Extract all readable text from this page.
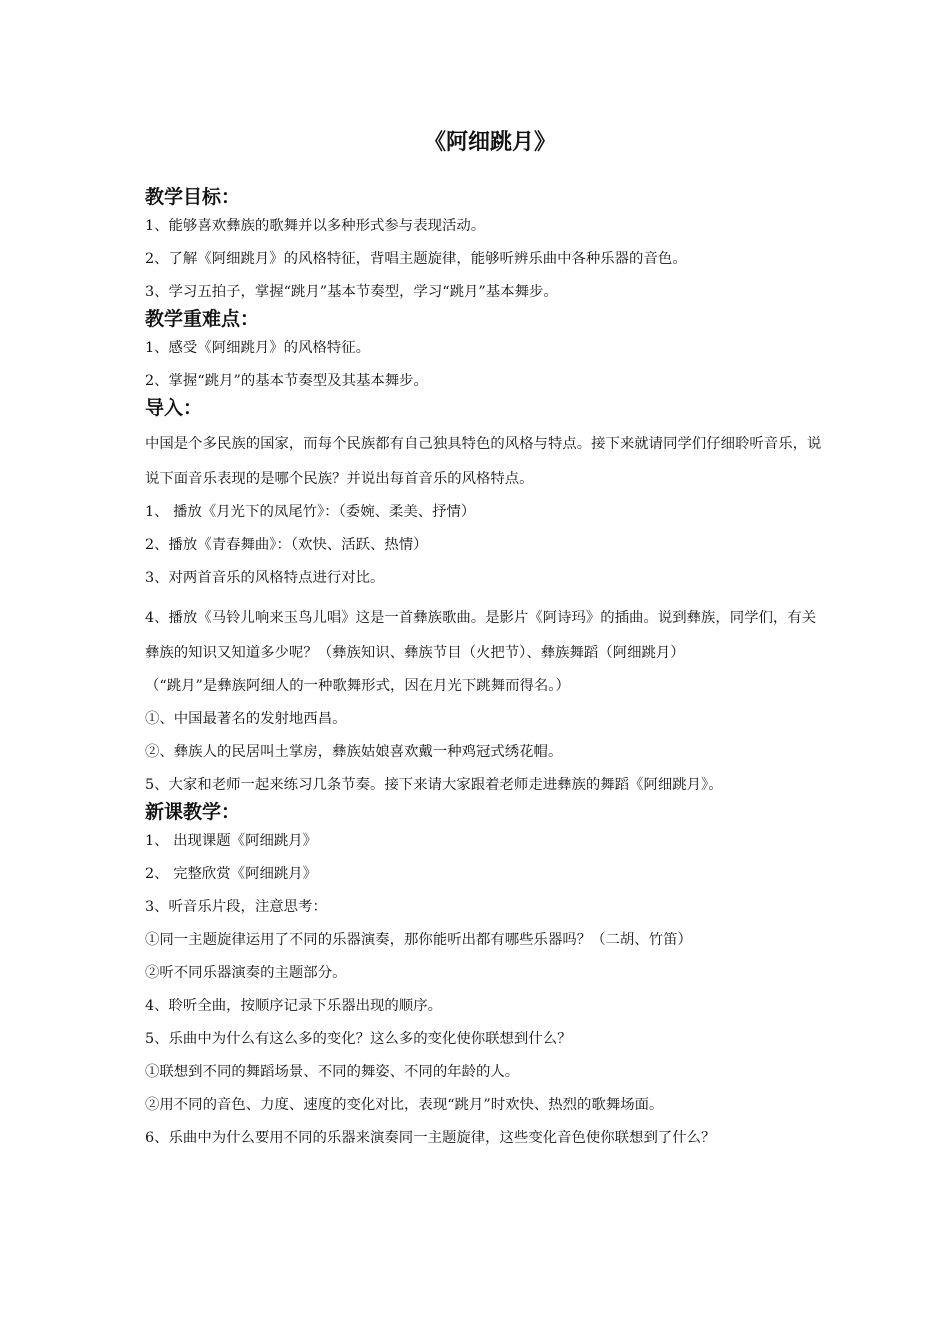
《阿细跳月》
教学目标：
1、能够喜欢彝族的歌舞并以多种形式参与表现活动。
2、了解《阿细跳月》的风格特征，背唱主题旋律，能够听辨乐曲中各种乐器的音色。
3、学习五拍子，掌握“跳月”基本节奏型，学习“跳月”基本舞步。
教学重难点：
1、感受《阿细跳月》的风格特征。
2、掌握“跳月”的基本节奏型及其基本舞步。
导入：
中国是个多民族的国家，而每个民族都有自己独具特色的风格与特点。接下来就请同学们仔细聆听音乐，说说下面音乐表现的是哪个民族？并说出每首音乐的风格特点。
1、 播放《月光下的凤尾竹》：（委婉、柔美、抒情）
2、播放《青春舞曲》：（欢快、活跃、热情）
3、对两首音乐的风格特点进行对比。
4、播放《马铃儿响来玉鸟儿唱》这是一首彝族歌曲。是影片《阿诗玛》的插曲。说到彝族，同学们，有关彝族的知识又知道多少呢？（彝族知识、彝族节目（火把节）、彝族舞蹈（阿细跳月）
（“跳月”是彝族阿细人的一种歌舞形式，因在月光下跳舞而得名。）
①、中国最著名的发射地西昌。
②、彝族人的民居叫土掌房，彝族姑娘喜欢戴一种鸡冠式绣花帽。
5、大家和老师一起来练习几条节奏。接下来请大家跟着老师走进彝族的舞蹈《阿细跳月》。
新课教学：
1、 出现课题《阿细跳月》
2、 完整欣赏《阿细跳月》
3、听音乐片段，注意思考：
①同一主题旋律运用了不同的乐器演奏，那你能听出都有哪些乐器吗？（二胡、竹笛）
②听不同乐器演奏的主题部分。
4、聆听全曲，按顺序记录下乐器出现的顺序。
5、乐曲中为什么有这么多的变化？这么多的变化使你联想到什么？
①联想到不同的舞蹈场景、不同的舞姿、不同的年龄的人。
②用不同的音色、力度、速度的变化对比，表现“跳月”时欢快、热烈的歌舞场面。
6、乐曲中为什么要用不同的乐器来演奏同一主题旋律，这些变化音色使你联想到了什么？
